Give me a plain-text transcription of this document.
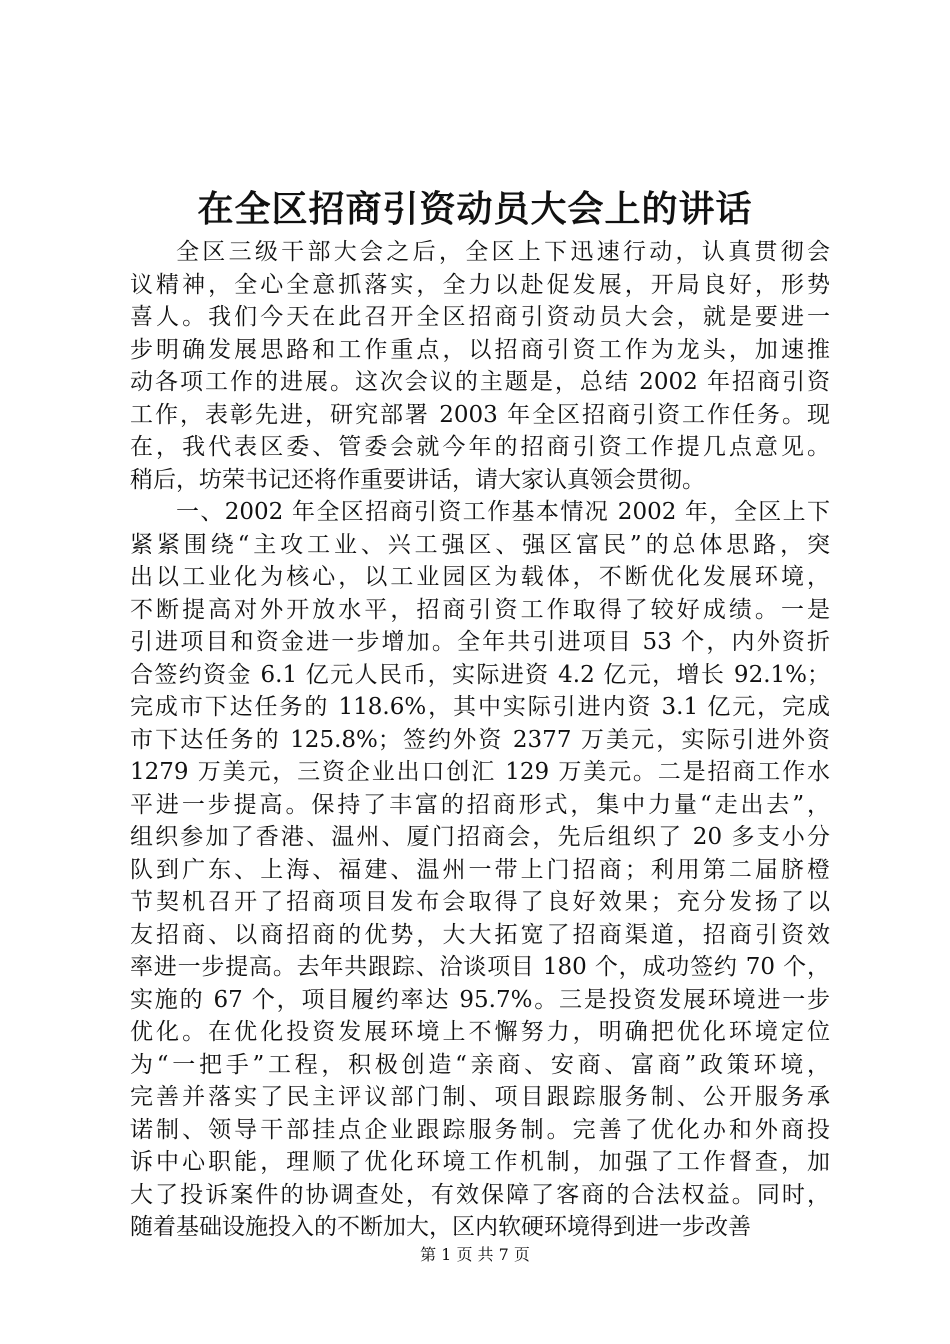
在全区招商引资动员大会上的讲话
全区三级干部大会之后，全区上下迅速行动，认真贯彻会
议精神，全心全意抓落实，全力以赴促发展，开局良好，形势
喜人。我们今天在此召开全区招商引资动员大会，就是要进一
步明确发展思路和工作重点，以招商引资工作为龙头，加速推
动各项工作的进展。这次会议的主题是，总结 2002 年招商引资
工作，表彰先进，研究部署 2003 年全区招商引资工作任务。现
在，我代表区委、管委会就今年的招商引资工作提几点意见。
稍后，坊荣书记还将作重要讲话，请大家认真领会贯彻。
一、2002 年全区招商引资工作基本情况 2002 年，全区上下
紧紧围绕“主攻工业、兴工强区、强区富民”的总体思路，突
出以工业化为核心，以工业园区为载体，不断优化发展环境，
不断提高对外开放水平，招商引资工作取得了较好成绩。一是
引进项目和资金进一步增加。全年共引进项目 53 个，内外资折
合签约资金 6.1 亿元人民币，实际进资 4.2 亿元，增长 92.1%；
完成市下达任务的 118.6%，其中实际引进内资 3.1 亿元，完成
市下达任务的 125.8%；签约外资 2377 万美元，实际引进外资
1279 万美元，三资企业出口创汇 129 万美元。二是招商工作水
平进一步提高。保持了丰富的招商形式，集中力量“走出去”，
组织参加了香港、温州、厦门招商会，先后组织了 20 多支小分
队到广东、上海、福建、温州一带上门招商；利用第二届脐橙
节契机召开了招商项目发布会取得了良好效果；充分发扬了以
友招商、以商招商的优势，大大拓宽了招商渠道，招商引资效
率进一步提高。去年共跟踪、洽谈项目 180 个，成功签约 70 个，
实施的 67 个，项目履约率达 95.7%。三是投资发展环境进一步
优化。在优化投资发展环境上不懈努力，明确把优化环境定位
为“一把手”工程，积极创造“亲商、安商、富商”政策环境，
完善并落实了民主评议部门制、项目跟踪服务制、公开服务承
诺制、领导干部挂点企业跟踪服务制。完善了优化办和外商投
诉中心职能，理顺了优化环境工作机制，加强了工作督查，加
大了投诉案件的协调查处，有效保障了客商的合法权益。同时，
随着基础设施投入的不断加大，区内软硬环境得到进一步改善
第 1 页 共 7 页
